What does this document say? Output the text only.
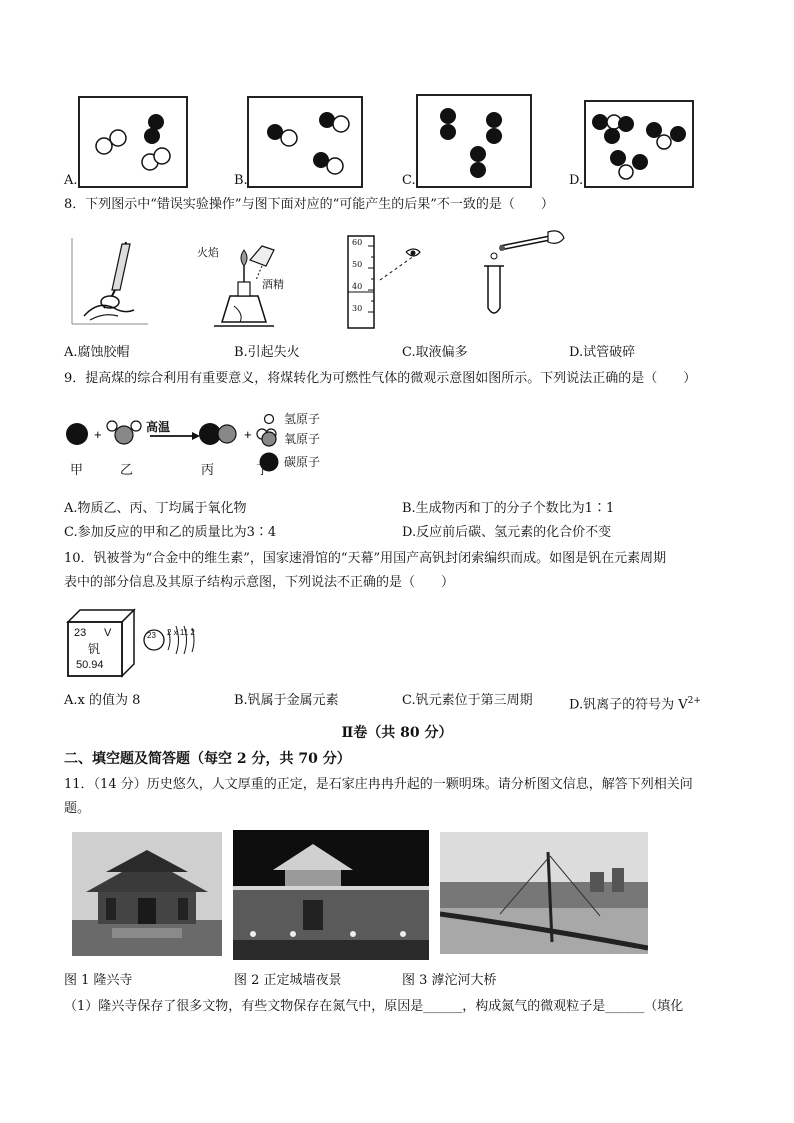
A.	B.	C.	D.
8．下列图示中“错误实验操作”与图下面对应的“可能产生的后果”不一致的是（　　）
火焰
酒精
60
50
40
30
A.腐蚀胶帽	B.引起失火	C.取液偏多	D.试管破碎
9．提高煤的综合利用有重要意义，将煤转化为可燃性气体的微观示意图如图所示。下列说法正确的是（　　）
+	+
高温
氢原子
氧原子
碳原子
甲	乙	丙	丁
A.物质乙、丙、丁均属于氧化物	B.生成物丙和丁的分子个数比为1∶1
C.参加反应的甲和乙的质量比为3∶4	D.反应前后碳、氢元素的化合价不变
10．钒被誉为“合金中的维生素”，国家速滑馆的“天幕”用国产高钒封闭索编织而成。如图是钒在元素周期
表中的部分信息及其原子结构示意图，下列说法不正确的是（　　）
23 V
钒
50.94
23 2 x 11 2
A.x 的值为 8	B.钒属于金属元素	C.钒元素位于第三周期	D.钒离子的符号为 $V^{2+}$
Ⅱ卷（共 80 分）
二、填空题及简答题（每空 2 分，共 70 分）
11．（14 分）历史悠久，人文厚重的正定，是石家庄冉冉升起的一颗明珠。请分析图文信息，解答下列相关问
题。
图 1 隆兴寺	图 2 正定城墙夜景	图 3 滹沱河大桥
（1）隆兴寺保存了很多文物，有些文物保存在氮气中，原因是______，构成氮气的微观粒子是______（填化
